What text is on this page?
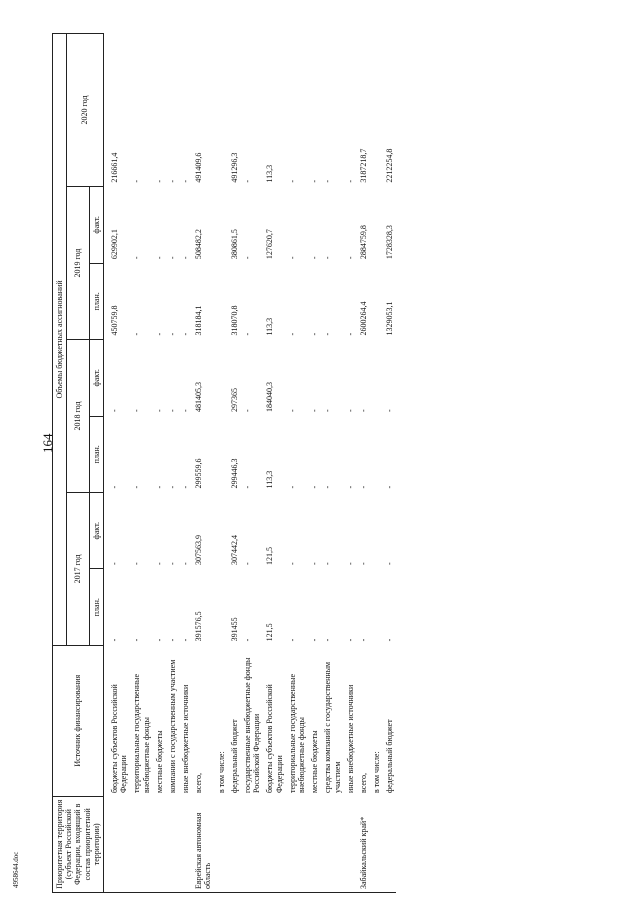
164
Приоритетная территория (субъект Российской Федерации, входящий в состав приоритетной территории)	Источник финансирования	Объемы бюджетных ассигнований						
		2017 год		2018 год		2019 год		2020 год
		план.	факт.	план.	факт.	план.	факт.	
	бюджеты субъектов Российской Федерации	-	-	-	-	450759,8	629902,1	216661,4
	территориальные государственные внебюджетные фонды	-	-	-	-	-	-	-
	местные бюджеты	-	-	-	-	-	-	-
	компании с государственным участием	-	-	-	-	-	-	-
	иные внебюджетные источники	-	-	-	-	-	-	-
Еврейская автономная область	всего,	391576,5	307563,9	299559,6	481405,3	318184,1	508482,2	491409,6
	в том числе:							
	федеральный бюджет	391455	307442,4	299446,3	297365	318070,8	380861,5	491296,3
	государственные внебюджетные фонды Российской Федерации	-	-	-	-	-	-	-
	бюджеты субъектов Российской Федерации	121,5	121,5	113,3	184040,3	113,3	127620,7	113,3
	территориальные государственные внебюджетные фонды	-	-	-	-	-	-	-
	местные бюджеты	-	-	-	-	-	-	-
	средства компаний с государственным участием	-	-	-	-	-	-	-
	иные внебюджетные источники	-	-	-	-	-	-	-
Забайкальский край*	всего,	-	-	-	-	2600264,4	2884759,8	3187218,7
	в том числе:							
	федеральный бюджет	-	-	-	-	1329053,1	1728328,3	2212254,8
4958644.doc
